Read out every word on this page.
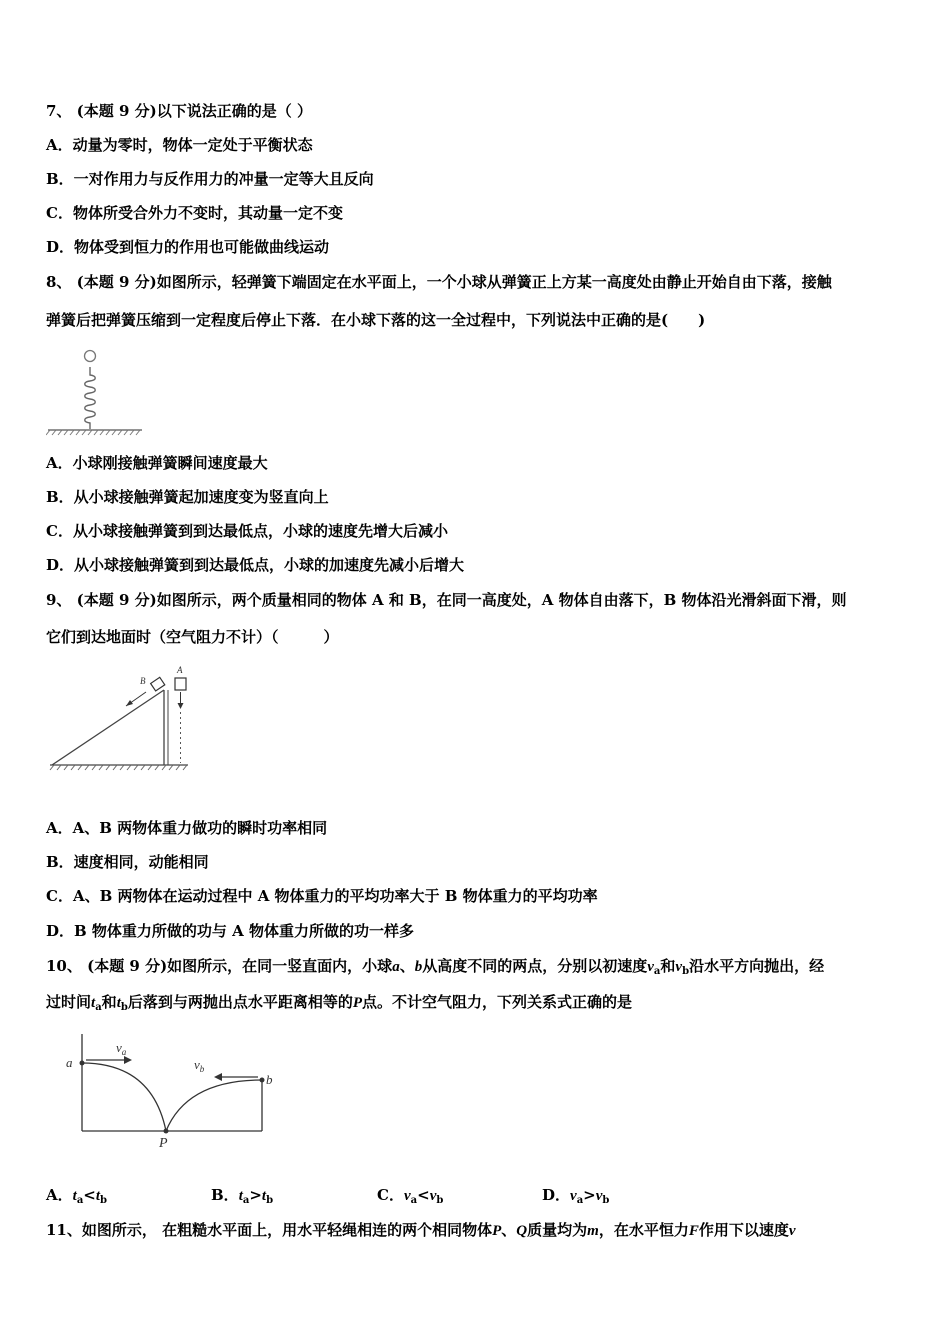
7、 (本题 9 分)以下说法正确的是（ ）
A．动量为零时，物体一定处于平衡状态
B．一对作用力与反作用力的冲量一定等大且反向
C．物体所受合外力不变时，其动量一定不变
D．物体受到恒力的作用也可能做曲线运动
8、 (本题 9 分)如图所示，轻弹簧下端固定在水平面上，一个小球从弹簧正上方某一高度处由静止开始自由下落，接触
弹簧后把弹簧压缩到一定程度后停止下落．在小球下落的这一全过程中，下列说法中正确的是(　　)
A．小球刚接触弹簧瞬间速度最大
B．从小球接触弹簧起加速度变为竖直向上
C．从小球接触弹簧到到达最低点，小球的速度先增大后减小
D．从小球接触弹簧到到达最低点，小球的加速度先减小后增大
9、 (本题 9 分)如图所示，两个质量相同的物体 A 和 B，在同一高度处，A 物体自由落下，B 物体沿光滑斜面下滑，则
它们到达地面时（空气阻力不计）（　　　）
B
A
A．A、B 两物体重力做功的瞬时功率相同
B．速度相同，动能相同
C．A、B 两物体在运动过程中 A 物体重力的平均功率大于 B 物体重力的平均功率
D．B 物体重力所做的功与 A 物体重力所做的功一样多
10、 (本题 9 分)如图所示，在同一竖直面内，小球a、b从高度不同的两点，分别以初速度$v_a$和$v_b$沿水平方向抛出，经
过时间$t_a$和$t_b$后落到与两抛出点水平距离相等的P点。不计空气阻力，下列关系式正确的是
a
$v_a$
b
$v_b$
P
A．$t_a<t_b$	B．$t_a>t_b$	C．$v_a<v_b$	D．$v_a>v_b$
11、如图所示， 在粗糙水平面上，用水平轻绳相连的两个相同物体P、Q质量均为m，在水平恒力F作用下以速度v
